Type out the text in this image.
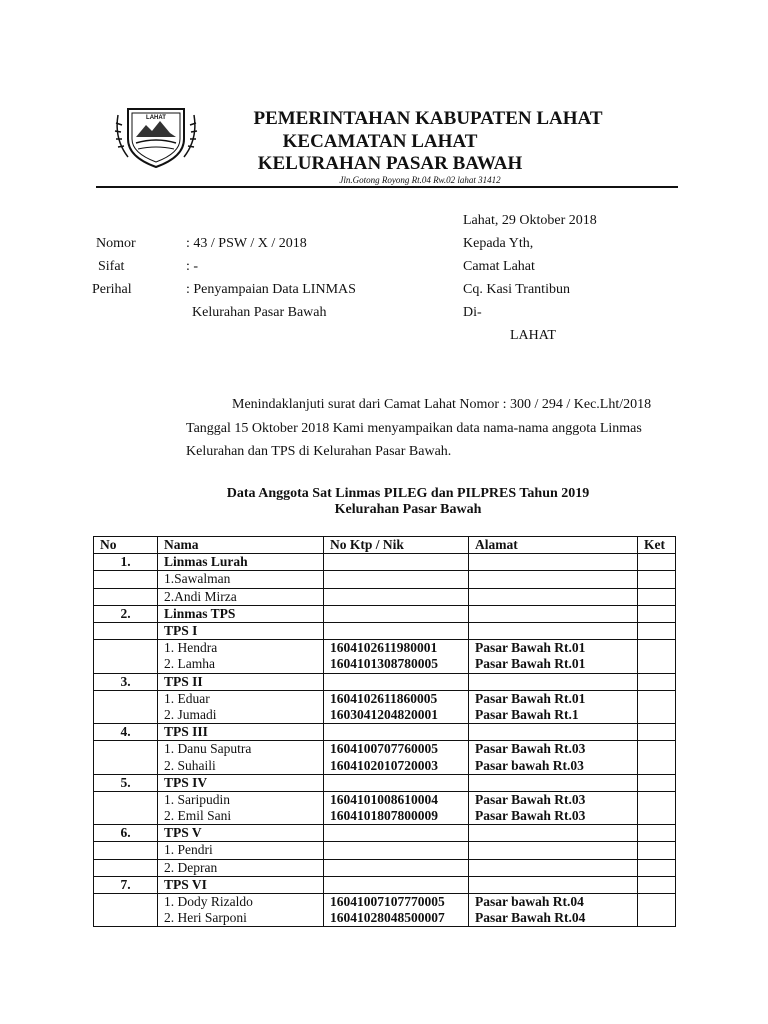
LAHAT	PEMERINTAHAN KABUPATEN LAHAT
KECAMATAN LAHAT
KELURAHAN PASAR BAWAH
Jln.Gotong Royong Rt.04 Rw.02 lahat 31412
Lahat, 29 Oktober 2018
Nomor	: 43 / PSW / X / 2018
Sifat	: -
Perihal	: Penyampaian Data LINMAS
Kelurahan Pasar Bawah
Kepada Yth,
Camat Lahat
Cq. Kasi Trantibun
Di-
LAHAT
Menindaklanjuti surat dari Camat Lahat Nomor : 300 / 294 / Kec.Lht/2018
Tanggal 15 Oktober 2018 Kami menyampaikan data nama-nama anggota Linmas
Kelurahan dan TPS di Kelurahan Pasar Bawah.
Data Anggota Sat Linmas PILEG dan PILPRES Tahun 2019
Kelurahan Pasar Bawah
No	Nama	No Ktp / Nik	Alamat	Ket
1.	Linmas Lurah			
	1.Sawalman			
	2.Andi Mirza			
2.	Linmas TPS			
	TPS I			
	1. Hendra	1604102611980001	Pasar Bawah Rt.01	
	2. Lamha	1604101308780005	Pasar Bawah Rt.01	
3.	TPS II			
	1. Eduar	1604102611860005	Pasar Bawah Rt.01	
	2. Jumadi	1603041204820001	Pasar Bawah Rt.1	
4.	TPS III			
	1. Danu Saputra	1604100707760005	Pasar Bawah Rt.03	
	2. Suhaili	1604102010720003	Pasar bawah Rt.03	
5.	TPS IV			
	1. Saripudin	1604101008610004	Pasar Bawah Rt.03	
	2. Emil Sani	1604101807800009	Pasar Bawah Rt.03	
6.	TPS V			
	1. Pendri			
	2. Depran			
7.	TPS VI			
	1. Dody Rizaldo	16041007107770005	Pasar bawah Rt.04	
	2. Heri Sarponi	16041028048500007	Pasar Bawah Rt.04	
